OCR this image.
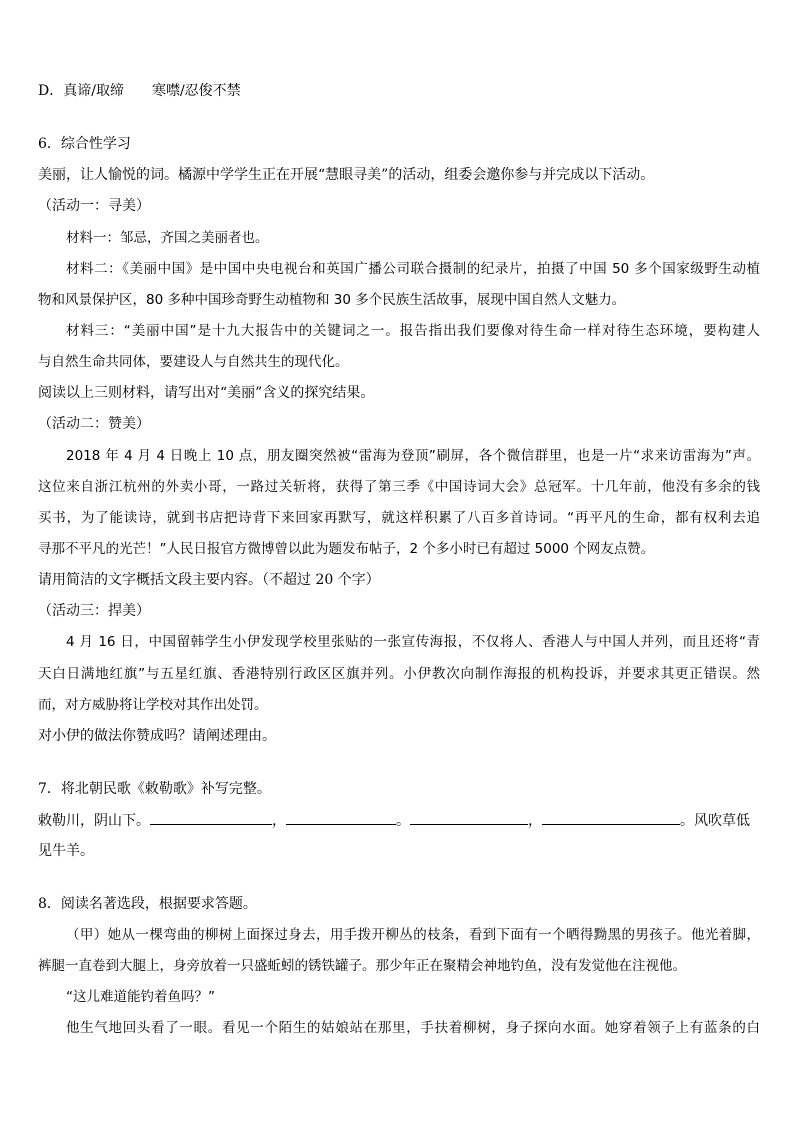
D．真谛/取缔　　寒噤/忍俊不禁
6．综合性学习
美丽，让人愉悦的词。橘源中学学生正在开展“慧眼寻美”的活动，组委会邀你参与并完成以下活动。
（活动一：寻美）
材料一：邹忌，齐国之美丽者也。
材料二：《美丽中国》是中国中央电视台和英国广播公司联合摄制的纪录片，拍摄了中国 50 多个国家级野生动植
物和风景保护区，80 多种中国珍奇野生动植物和 30 多个民族生活故事，展现中国自然人文魅力。
材料三：“美丽中国”是十九大报告中的关键词之一。报告指出我们要像对待生命一样对待生态环境，要构建人
与自然生命共同体，要建设人与自然共生的现代化。
阅读以上三则材料，请写出对“美丽”含义的探究结果。
（活动二：赞美）
2018 年 4 月 4 日晚上 10 点，朋友圈突然被“雷海为登顶”刷屏，各个微信群里，也是一片“求来访雷海为”声。
这位来自浙江杭州的外卖小哥，一路过关斩将，获得了第三季《中国诗词大会》总冠军。十几年前，他没有多余的钱
买书，为了能读诗，就到书店把诗背下来回家再默写，就这样积累了八百多首诗词。“再平凡的生命，都有权利去追
寻那不平凡的光芒！”人民日报官方微博曾以此为题发布帖子，2 个多小时已有超过 5000 个网友点赞。
请用简洁的文字概括文段主要内容。（不超过 20 个字）
（活动三：捍美）
4 月 16 日，中国留韩学生小伊发现学校里张贴的一张宣传海报，不仅将人、香港人与中国人并列，而且还将“青
天白日满地红旗”与五星红旗、香港特别行政区区旗并列。小伊教次向制作海报的机构投诉，并要求其更正错误。然
而，对方威胁将让学校对其作出处罚。
对小伊的做法你赞成吗？请阐述理由。
7．将北朝民歌《敕勒歌》补写完整。
敕勒川，阴山下。	，	。	，	。风吹草低
见牛羊。
8．阅读名著选段，根据要求答题。
（甲）她从一棵弯曲的柳树上面探过身去，用手拨开柳丛的枝条，看到下面有一个晒得黝黑的男孩子。他光着脚，
裤腿一直卷到大腿上，身旁放着一只盛蚯蚓的锈铁罐子。那少年正在聚精会神地钓鱼，没有发觉他在注视他。
“这儿难道能钓着鱼吗？”
他生气地回头看了一眼。看见一个陌生的姑娘站在那里，手扶着柳树，身子探向水面。她穿着领子上有蓝条的白
